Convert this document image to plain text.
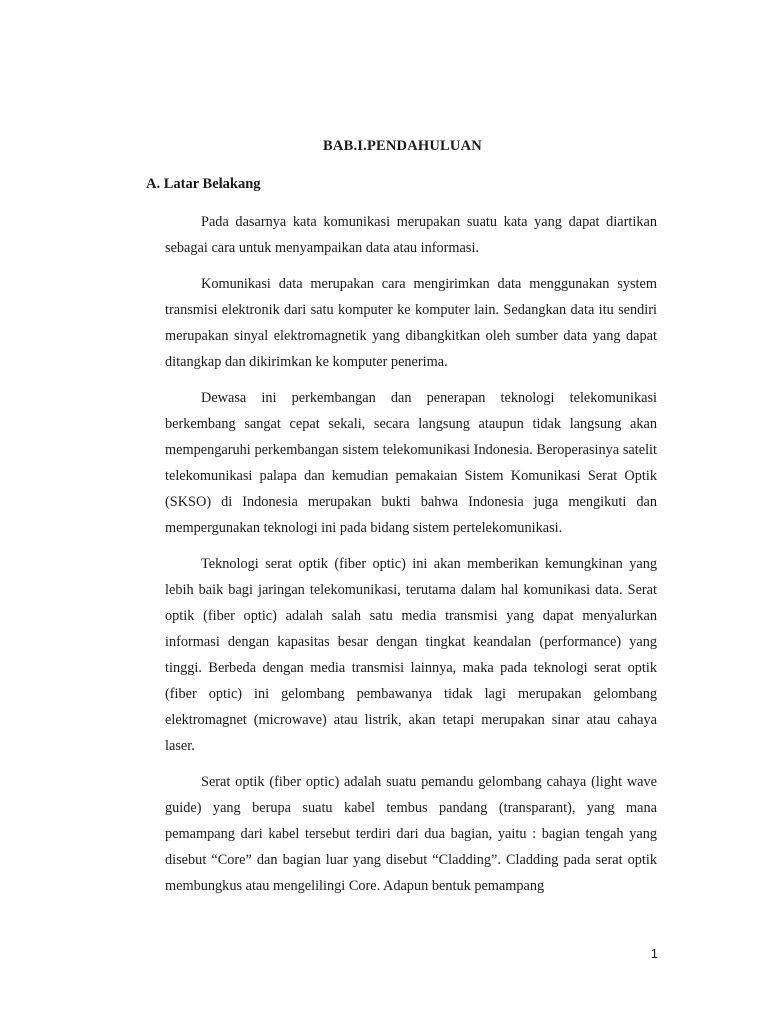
BAB.I.PENDAHULUAN
A. Latar Belakang

Pada dasarnya kata komunikasi merupakan suatu kata yang dapat diartikan sebagai cara untuk menyampaikan data atau informasi.

Komunikasi data merupakan cara mengirimkan data menggunakan system transmisi elektronik dari satu komputer ke komputer lain. Sedangkan data itu sendiri merupakan sinyal elektromagnetik yang dibangkitkan oleh sumber data yang dapat ditangkap dan dikirimkan ke komputer penerima.

Dewasa ini perkembangan dan penerapan teknologi telekomunikasi berkembang sangat cepat sekali, secara langsung ataupun tidak langsung akan mempengaruhi perkembangan sistem telekomunikasi Indonesia. Beroperasinya satelit telekomunikasi palapa dan kemudian pemakaian Sistem Komunikasi Serat Optik (SKSO) di Indonesia merupakan bukti bahwa Indonesia juga mengikuti dan mempergunakan teknologi ini pada bidang sistem pertelekomunikasi.

Teknologi serat optik (fiber optic) ini akan memberikan kemungkinan yang lebih baik bagi jaringan telekomunikasi, terutama dalam hal komunikasi data. Serat optik (fiber optic) adalah salah satu media transmisi yang dapat menyalurkan informasi dengan kapasitas besar dengan tingkat keandalan (performance) yang tinggi. Berbeda dengan media transmisi lainnya, maka pada teknologi serat optik (fiber optic) ini gelombang pembawanya tidak lagi merupakan gelombang elektromagnet (microwave) atau listrik, akan tetapi merupakan sinar atau cahaya laser.

Serat optik (fiber optic) adalah suatu pemandu gelombang cahaya (light wave guide) yang berupa suatu kabel tembus pandang (transparant), yang mana pemampang dari kabel tersebut terdiri dari dua bagian, yaitu : bagian tengah yang disebut “Core” dan bagian luar yang disebut “Cladding”. Cladding pada serat optik membungkus atau mengelilingi Core. Adapun bentuk pemampang

1
